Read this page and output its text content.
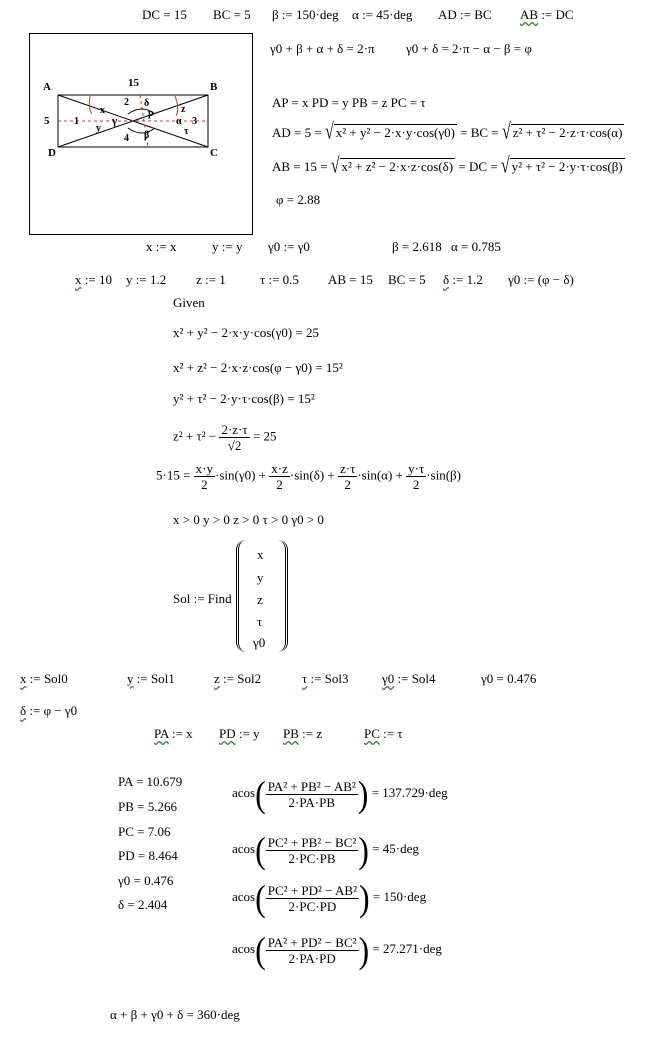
DC = 15 BC = 5 β := 150·deg α := 45·deg AD := BC AB := DC
A	B
C
D
15
5 1
2
3
4
x
y
z
τ
γ
δ
α
β
p
γ0 + β + α + δ = 2·π γ0 + δ = 2·π − α − β = φ
AP = x PD = y PB = z PC = τ
AD = 5 = √ x² + y² − 2·x·y·cos(γ0) = BC = √ z² + τ² − 2·z·τ·cos(α)
AB = 15 = √ x² + z² − 2·x·z·cos(δ) = DC = √ y² + τ² − 2·y·τ·cos(β)
φ = 2.88
x := x	y := y γ0 := γ0	β = 2.618 α = 0.785
x := 10 y := 1.2 z := 1	τ := 0.5 AB = 15 BC = 5 δ := 1.2 γ0 := (φ − δ)
Given
x² + y² − 2·x·y·cos(γ0) = 25
x² + z² − 2·x·z·cos(φ − γ0) = 15²
y² + τ² − 2·y·τ·cos(β) = 15²
$z^2 + \tau^2 - \frac{2\cdot z\cdot\tau}{√2} = 25$
$5\cdot 15 = \frac{x\cdot y}{2} \cdot\sin(\gamma 0) + \frac{x\cdot z}{2} \cdot\sin(\delta) + \frac{z\cdot\tau}{2} \cdot\sin(\alpha) + \frac{y\cdot\tau}{2} \cdot\sin(\beta)$
x > 0 y > 0 z > 0 τ > 0 γ0 > 0
Sol := Find
x
y
z
τ
γ0
x := Sol0	y := Sol1	z := Sol2	τ := Sol3	γ0 := Sol4	γ0 = 0.476
δ := φ − γ0
PA := x PD := y PB := z	PC := τ
PA = 10.679
PB = 5.266
PC = 7.06
PD = 8.464
γ0 = 0.476
δ = 2.404
$acos( \frac{\text{PA² + PB² − AB²}}{2\cdot PA\cdot PB}$ ) = 137.729·deg
$acos( \frac{\text{PC² + PB² − BC²}}{2\cdot PC\cdot PB}$ ) = 45·deg
$acos( \frac{\text{PC² + PD² − AB²}}{2\cdot PC\cdot PD}$ ) = 150·deg
$acos( \frac{\text{PA² + PD² − BC²}}{2\cdot PA\cdot PD}$ ) = 27.271·deg
α + β + γ0 + δ = 360·deg
